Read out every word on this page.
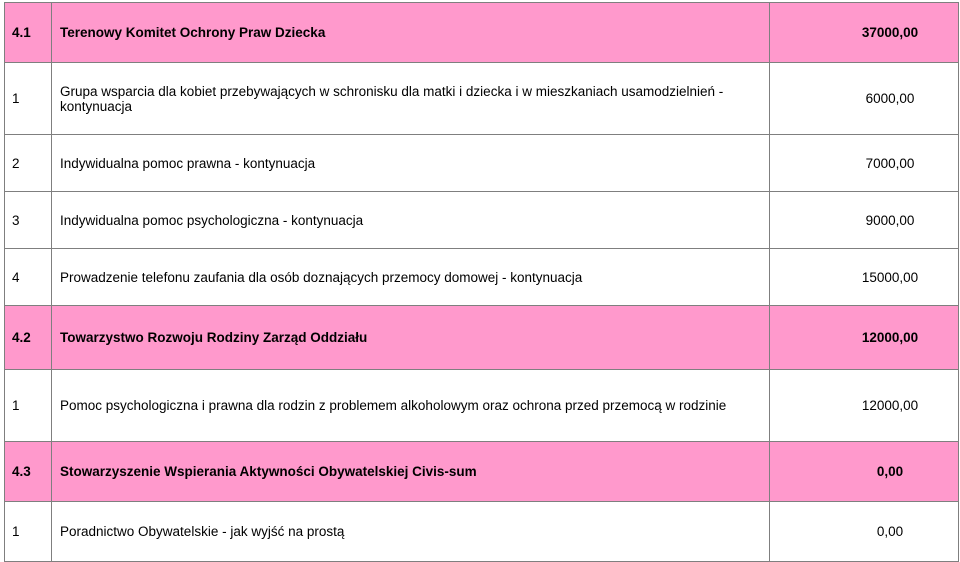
4.1	Terenowy Komitet Ochrony Praw Dziecka	37000,00
1	Grupa wsparcia dla kobiet przebywających w schronisku dla matki i dziecka i w mieszkaniach usamodzielnień - kontynuacja	6000,00
2	Indywidualna pomoc prawna - kontynuacja	7000,00
3	Indywidualna pomoc psychologiczna - kontynuacja	9000,00
4	Prowadzenie telefonu zaufania dla osób doznających przemocy domowej - kontynuacja	15000,00
4.2	Towarzystwo Rozwoju Rodziny Zarząd Oddziału	12000,00
1	Pomoc psychologiczna i prawna dla rodzin z problemem alkoholowym oraz ochrona przed przemocą w rodzinie	12000,00
4.3	Stowarzyszenie Wspierania Aktywności Obywatelskiej Civis-sum	0,00
1	Poradnictwo Obywatelskie - jak wyjść na prostą	0,00
